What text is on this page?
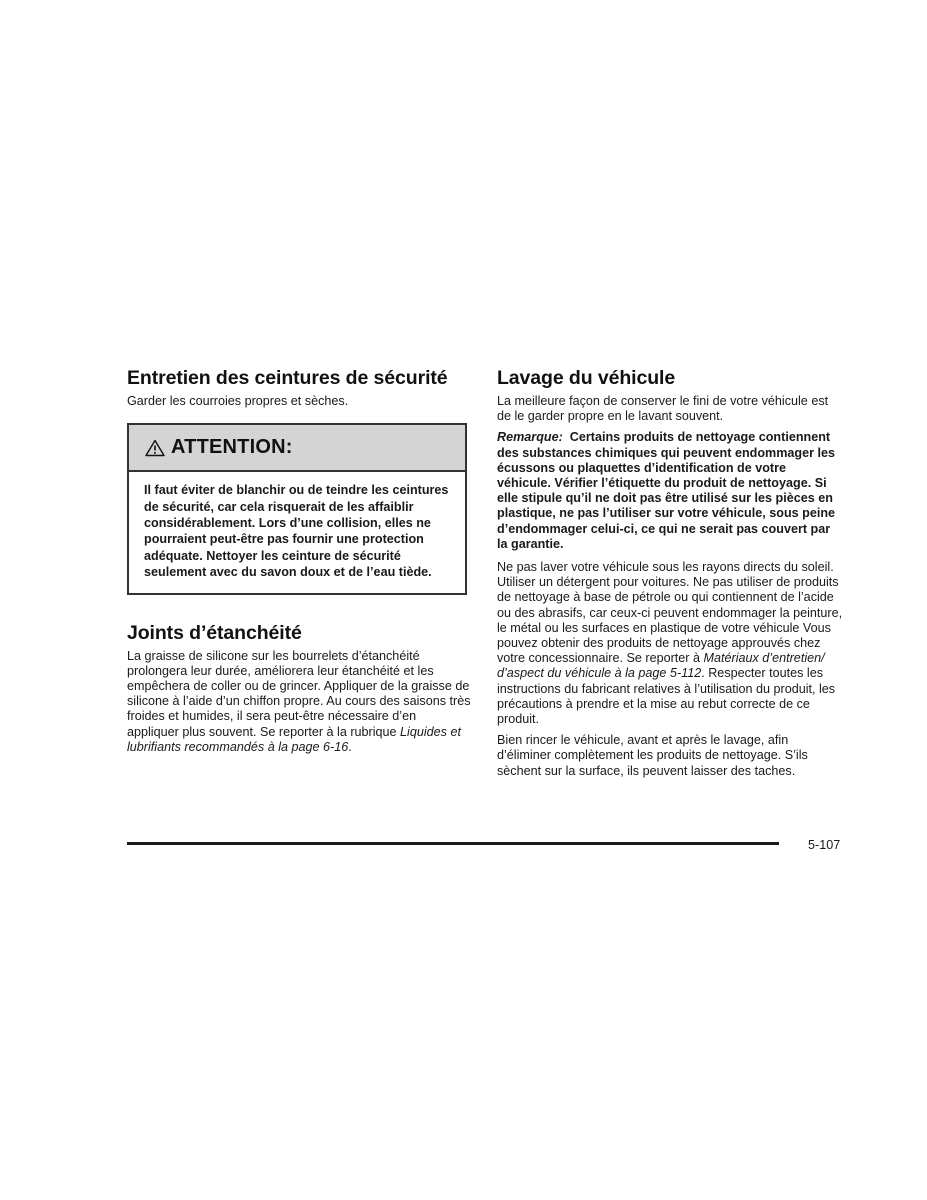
Entretien des ceintures de sécurité

Garder les courroies propres et sèches.

ATTENTION:

Il faut éviter de blanchir ou de teindre les ceintures de sécurité, car cela risquerait de les affaiblir considérablement. Lors d’une collision, elles ne pourraient peut-être pas fournir une protection adéquate. Nettoyer les ceinture de sécurité seulement avec du savon doux et de l’eau tiède.

Joints d’étanchéité

La graisse de silicone sur les bourrelets d’étanchéité prolongera leur durée, améliorera leur étanchéité et les empêchera de coller ou de grincer. Appliquer de la graisse de silicone à l’aide d’un chiffon propre. Au cours des saisons très froides et humides, il sera peut-être nécessaire d’en appliquer plus souvent. Se reporter à la rubrique Liquides et lubrifiants recommandés à la page 6-16.

Lavage du véhicule

La meilleure façon de conserver le fini de votre véhicule est de le garder propre en le lavant souvent.

Remarque: Certains produits de nettoyage contiennent des substances chimiques qui peuvent endommager les écussons ou plaquettes d’identification de votre véhicule. Vérifier l’étiquette du produit de nettoyage. Si elle stipule qu’il ne doit pas être utilisé sur les pièces en plastique, ne pas l’utiliser sur votre véhicule, sous peine d’endommager celui-ci, ce qui ne serait pas couvert par la garantie.

Ne pas laver votre véhicule sous les rayons directs du soleil. Utiliser un détergent pour voitures. Ne pas utiliser de produits de nettoyage à base de pétrole ou qui contiennent de l’acide ou des abrasifs, car ceux-ci peuvent endommager la peinture, le métal ou les surfaces en plastique de votre véhicule Vous pouvez obtenir des produits de nettoyage approuvés chez votre concessionnaire. Se reporter à Matériaux d’entretien/ d’aspect du véhicule à la page 5-112. Respecter toutes les instructions du fabricant relatives à l’utilisation du produit, les précautions à prendre et la mise au rebut correcte de ce produit.

Bien rincer le véhicule, avant et après le lavage, afin d’éliminer complètement les produits de nettoyage. S’ils sèchent sur la surface, ils peuvent laisser des taches.

5-107
